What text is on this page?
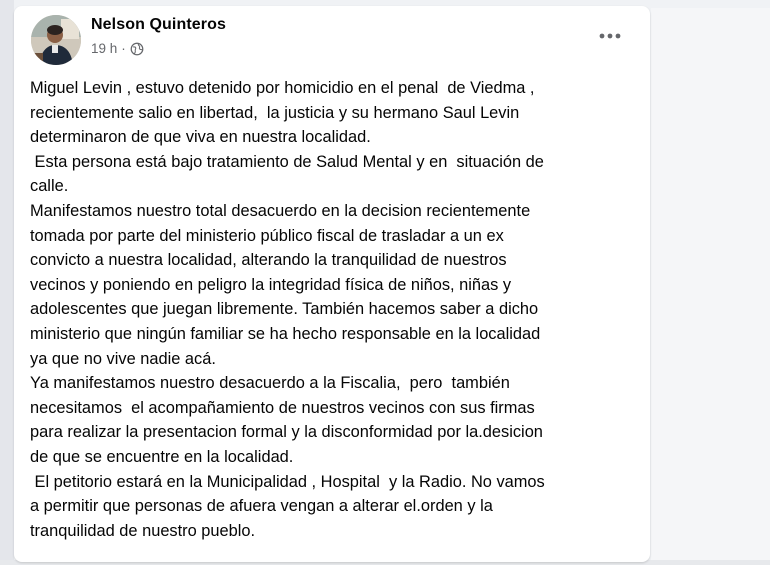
Nelson Quinteros
19 h ·
Miguel Levin , estuvo detenido por homicidio en el penal  de Viedma ,
recientemente salio en libertad,  la justicia y su hermano Saul Levin
determinaron de que viva en nuestra localidad.
Esta persona está bajo tratamiento de Salud Mental y en  situación de
calle.
Manifestamos nuestro total desacuerdo en la decision recientemente
tomada por parte del ministerio público fiscal de trasladar a un ex
convicto a nuestra localidad, alterando la tranquilidad de nuestros
vecinos y poniendo en peligro la integridad física de niños, niñas y
adolescentes que juegan libremente. También hacemos saber a dicho
ministerio que ningún familiar se ha hecho responsable en la localidad
ya que no vive nadie acá.
Ya manifestamos nuestro desacuerdo a la Fiscalia,  pero  también
necesitamos  el acompañamiento de nuestros vecinos con sus firmas
para realizar la presentacion formal y la disconformidad por la.desicion
de que se encuentre en la localidad.
El petitorio estará en la Municipalidad , Hospital  y la Radio. No vamos
a permitir que personas de afuera vengan a alterar el.orden y la
tranquilidad de nuestro pueblo.
